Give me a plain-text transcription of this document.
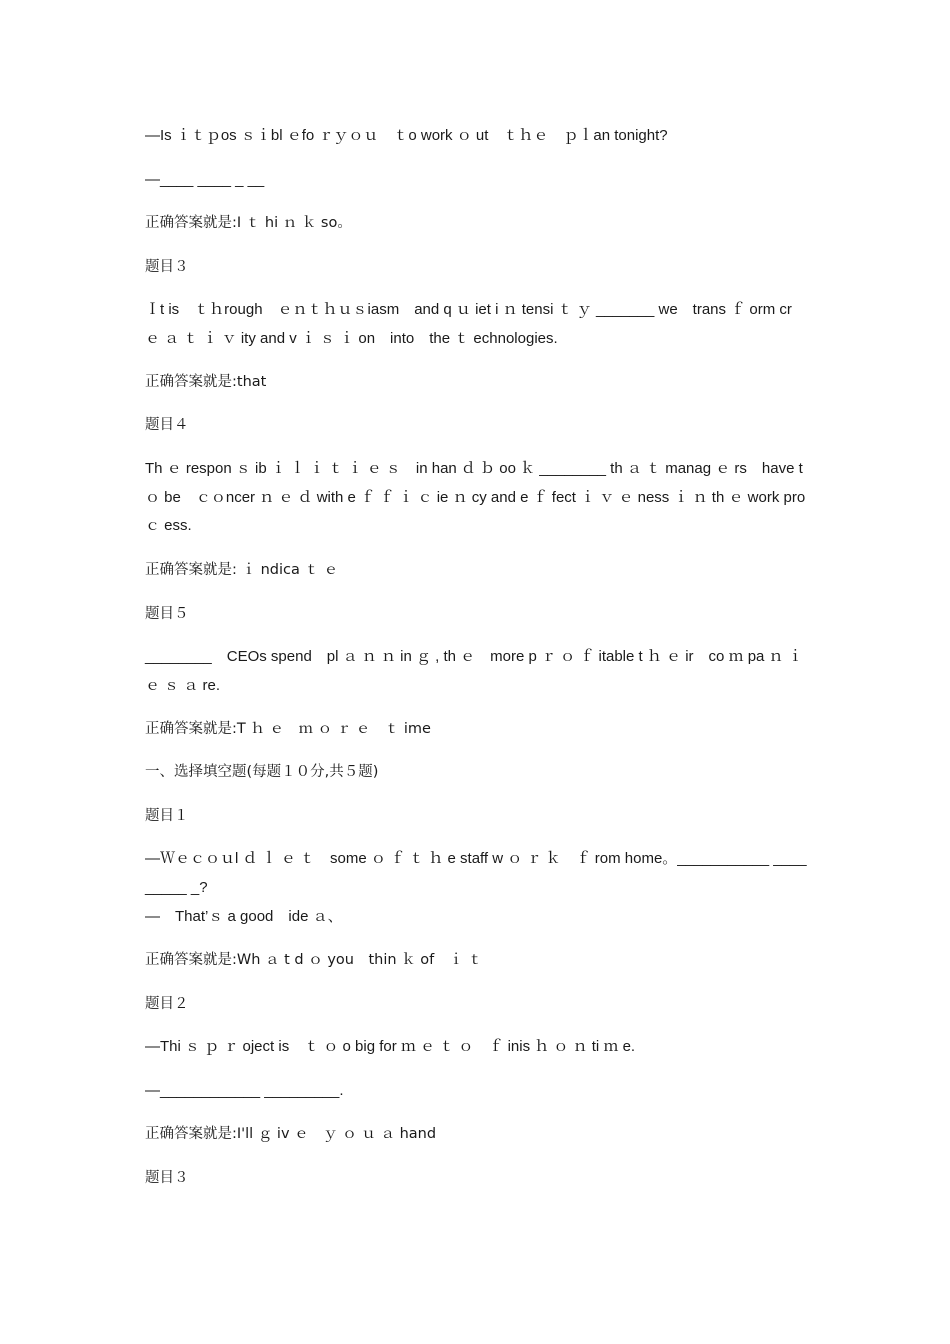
—Is ｉｔｐos ｓｉbl ｅfo ｒｙｏｕ　ｔo work ｏ ut　ｔｈｅ　ｐｌan tonight?

—____ ____ _ __

正确答案就是:I ｔ hi ｎ ｋ so。

题目３

Ｉt is　ｔｈrough　ｅｎｔｈｕｓiasm　and q ｕ iet i ｎ tensi ｔ ｙ _______ we　trans ｆ orm cr ｅ ａ ｔ ｉ ｖ ity and v ｉ ｓ ｉ on　into　the ｔ echnologies.

正确答案就是:that

题目４

Th ｅ respon ｓ ib ｉ ｌ ｉ ｔ ｉ ｅ ｓ　in han ｄ ｂ oo ｋ ________ th ａ ｔ manag ｅ rs　have t ｏ be　ｃｏncer ｎ ｅ ｄ with e ｆ ｆ ｉ ｃ ie ｎ cy and e ｆ fect ｉ ｖ ｅ ness ｉ ｎ th ｅ work pro ｃ ess.

正确答案就是: ｉ ndica ｔ ｅ

题目５

________　CEOs spend　pl ａ ｎ ｎ in ｇ , th ｅ　more p ｒ ｏ ｆ itable t ｈ ｅ ir　co ｍ pa ｎ ｉ ｅ ｓ ａ re.

正确答案就是:T ｈ ｅ　ｍ ｏ ｒ ｅ　ｔ ime

一、选择填空题(每题１０分,共５题)

题目１

—Ｗｅｃｏｕl ｄ ｌ ｅ ｔ　some ｏ ｆ ｔ ｈ e staff w ｏ ｒ ｋ　ｆ rom home。___________ _________ _?

—　That’ｓ a good　ide ａ、

正确答案就是:Wh ａ t d ｏ you　thin ｋ of　ｉ ｔ

题目２

—Thi ｓ ｐ ｒ oject is　ｔ ｏ o big for ｍ ｅ ｔ ｏ　ｆ inis ｈ ｏ ｎ ti ｍ e.

—____________ _________.

正确答案就是:I'll ｇ iv ｅ　ｙ ｏ ｕ ａ hand

题目３
